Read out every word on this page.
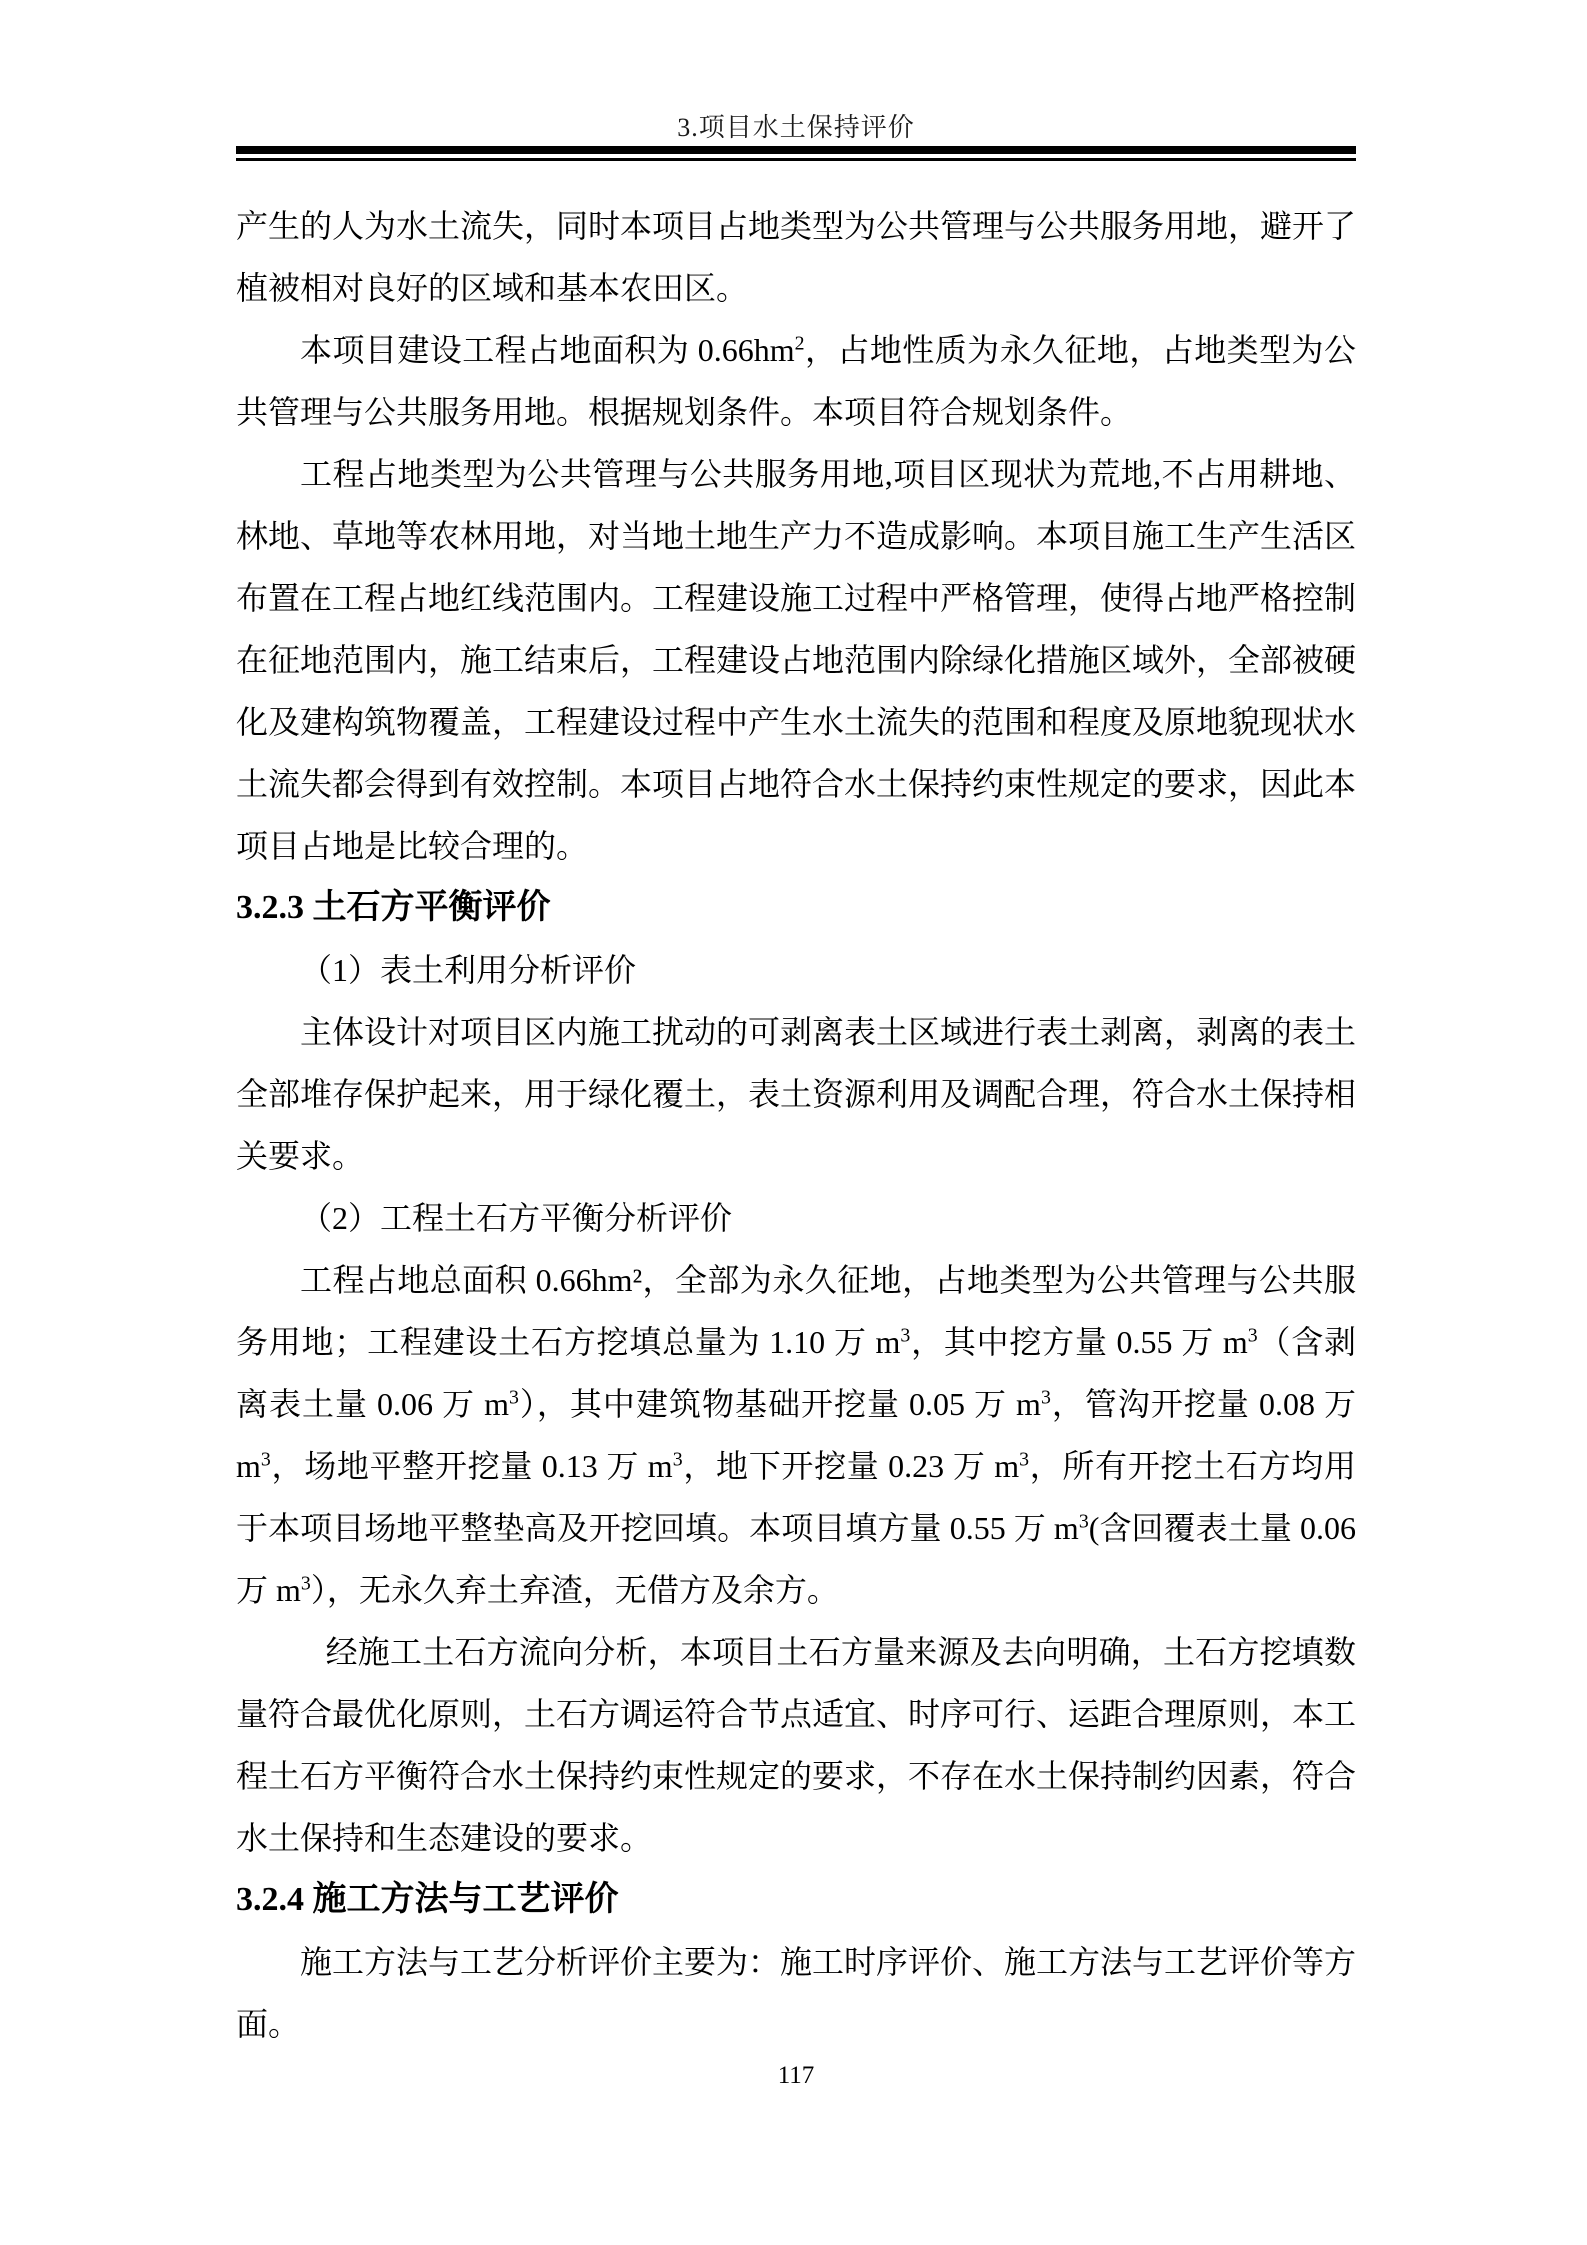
3.项目水土保持评价

产生的人为水土流失，同时本项目占地类型为公共管理与公共服务用地，避开了植被相对良好的区域和基本农田区。

本项目建设工程占地面积为 $0.66hm^2$，占地性质为永久征地，占地类型为公共管理与公共服务用地。根据规划条件。本项目符合规划条件。

工程占地类型为公共管理与公共服务用地,项目区现状为荒地,不占用耕地、林地、草地等农林用地，对当地土地生产力不造成影响。本项目施工生产生活区布置在工程占地红线范围内。工程建设施工过程中严格管理，使得占地严格控制在征地范围内，施工结束后，工程建设占地范围内除绿化措施区域外，全部被硬化及建构筑物覆盖，工程建设过程中产生水土流失的范围和程度及原地貌现状水土流失都会得到有效控制。本项目占地符合水土保持约束性规定的要求，因此本项目占地是比较合理的。

3.2.3 土石方平衡评价

（1）表土利用分析评价

主体设计对项目区内施工扰动的可剥离表土区域进行表土剥离，剥离的表土全部堆存保护起来，用于绿化覆土，表土资源利用及调配合理，符合水土保持相关要求。

（2）工程土石方平衡分析评价

工程占地总面积 0.66hm²，全部为永久征地，占地类型为公共管理与公共服务用地；工程建设土石方挖填总量为 1.10 万 $m^3$，其中挖方量 0.55 万 $m^3$（含剥离表土量 0.06 万 $m^3$），其中建筑物基础开挖量 0.05 万 $m^3$，管沟开挖量 0.08 万 $m^3$，场地平整开挖量 0.13 万 $m^3$，地下开挖量 0.23 万 $m^3$，所有开挖土石方均用于本项目场地平整垫高及开挖回填。本项目填方量 0.55 万 $m^3$(含回覆表土量 0.06 万 $m^3$），无永久弃土弃渣，无借方及余方。

经施工土石方流向分析，本项目土石方量来源及去向明确，土石方挖填数量符合最优化原则，土石方调运符合节点适宜、时序可行、运距合理原则，本工程土石方平衡符合水土保持约束性规定的要求，不存在水土保持制约因素，符合水土保持和生态建设的要求。

3.2.4 施工方法与工艺评价

施工方法与工艺分析评价主要为：施工时序评价、施工方法与工艺评价等方面。

117
